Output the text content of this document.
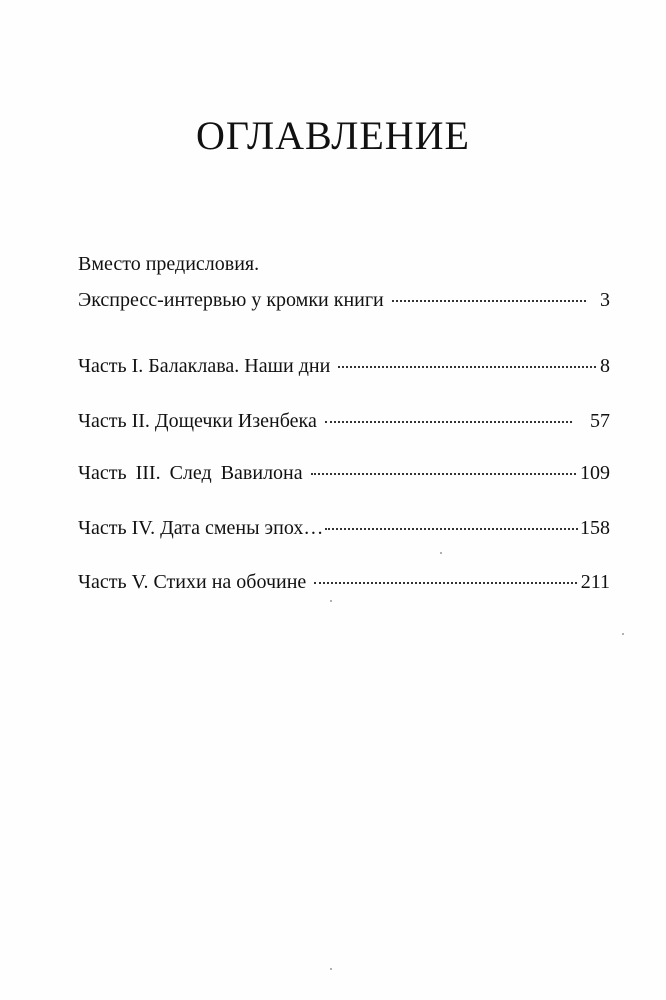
ОГЛАВЛЕНИЕ
Вместо предисловия.
Экспресс-интервью у кромки книги	3
Часть I. Балаклава. Наши дни	8
Часть II. Дощечки Изенбека	57
Часть III. След Вавилона	109
Часть IV. Дата смены эпох…	158
Часть V. Стихи на обочине	211
